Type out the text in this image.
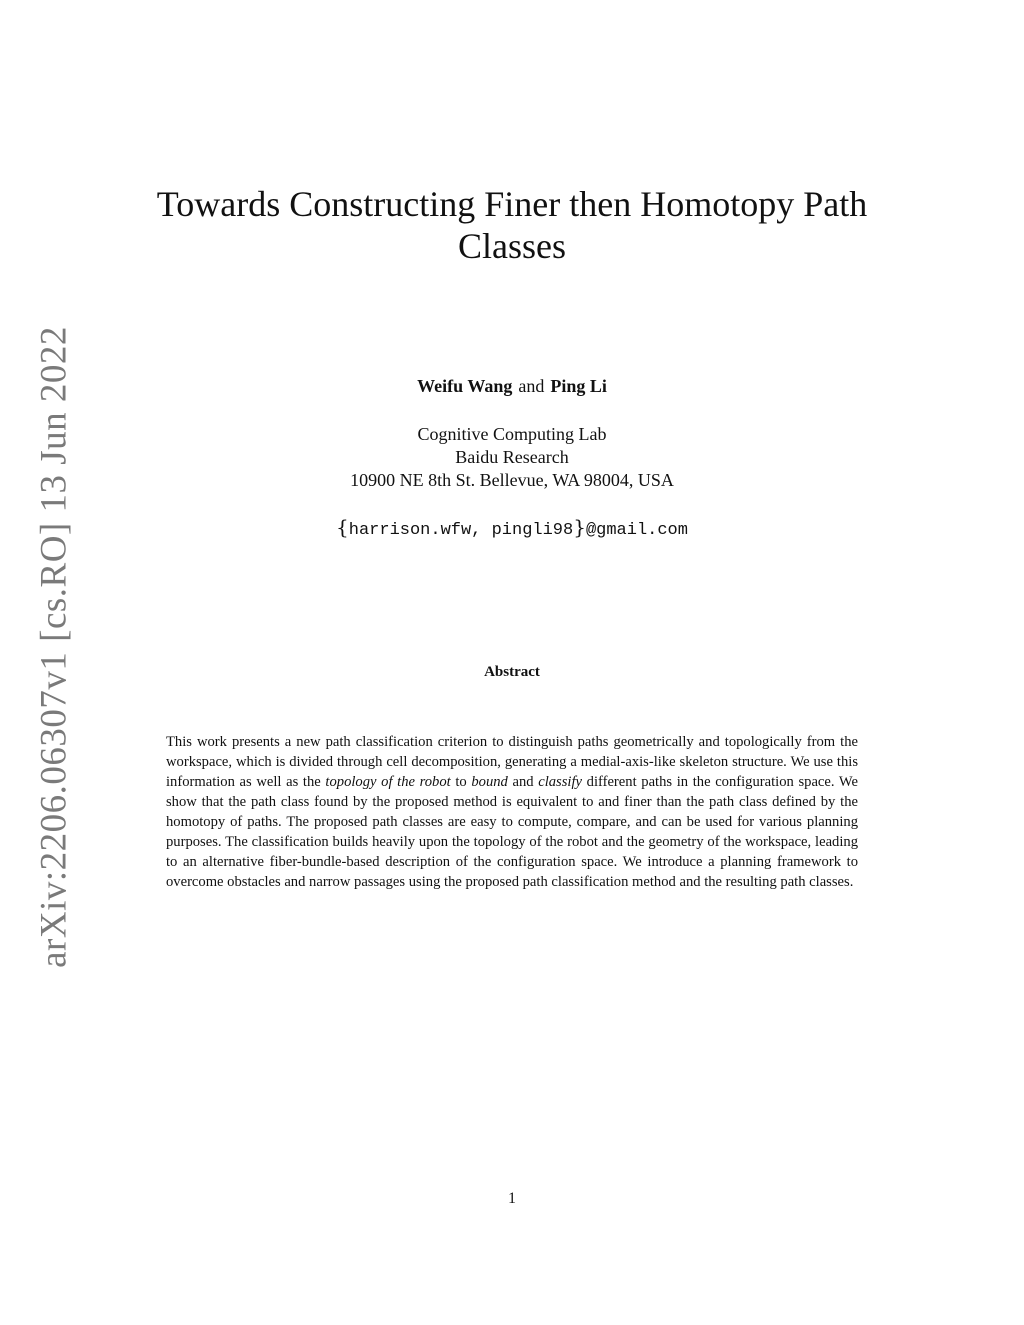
arXiv:2206.06307v1 [cs.RO] 13 Jun 2022
Towards Constructing Finer then Homotopy Path Classes
Weifu Wang and Ping Li
Cognitive Computing Lab
Baidu Research
10900 NE 8th St. Bellevue, WA 98004, USA
{harrison.wfw, pingli98}@gmail.com
Abstract

This work presents a new path classification criterion to distinguish paths geometrically and topologically from the workspace, which is divided through cell decomposition, generating a medial-axis-like skeleton structure. We use this information as well as the topology of the robot to bound and classify different paths in the configuration space. We show that the path class found by the proposed method is equivalent to and finer than the path class defined by the homotopy of paths. The proposed path classes are easy to compute, compare, and can be used for various planning purposes. The classification builds heavily upon the topology of the robot and the geometry of the workspace, leading to an alternative fiber-bundle-based description of the configuration space. We introduce a planning framework to overcome obstacles and narrow passages using the proposed path classification method and the resulting path classes.

1
